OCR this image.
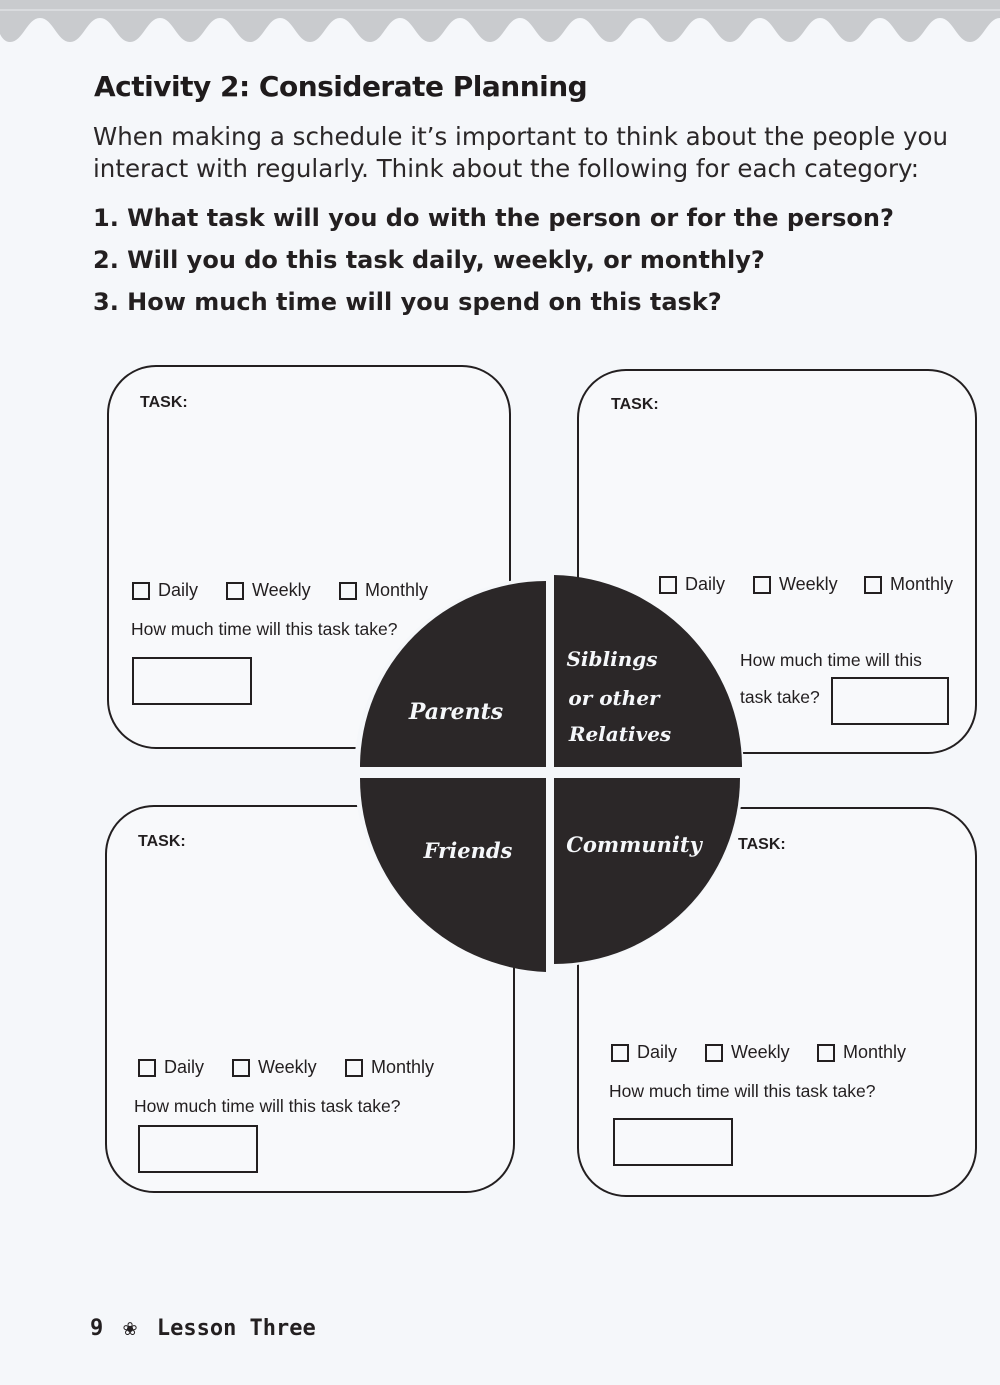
Activity 2: Considerate Planning

When making a schedule it’s important to think about the people you interact with regularly. Think about the following for each category:

1. What task will you do with the person or for the person?

2. Will you do this task daily, weekly, or monthly?

3. How much time will you spend on this task?

Parents
Siblings
or other
Relatives
Friends	Community
TASK:
Daily	Weekly	Monthly
How much time will this task take?
TASK:
Daily	Weekly	Monthly
How much time will this
task take?
TASK:
Daily	Weekly	Monthly
How much time will this task take?
TASK:
Daily	Weekly	Monthly
How much time will this task take?
9 ❀ Lesson Three
